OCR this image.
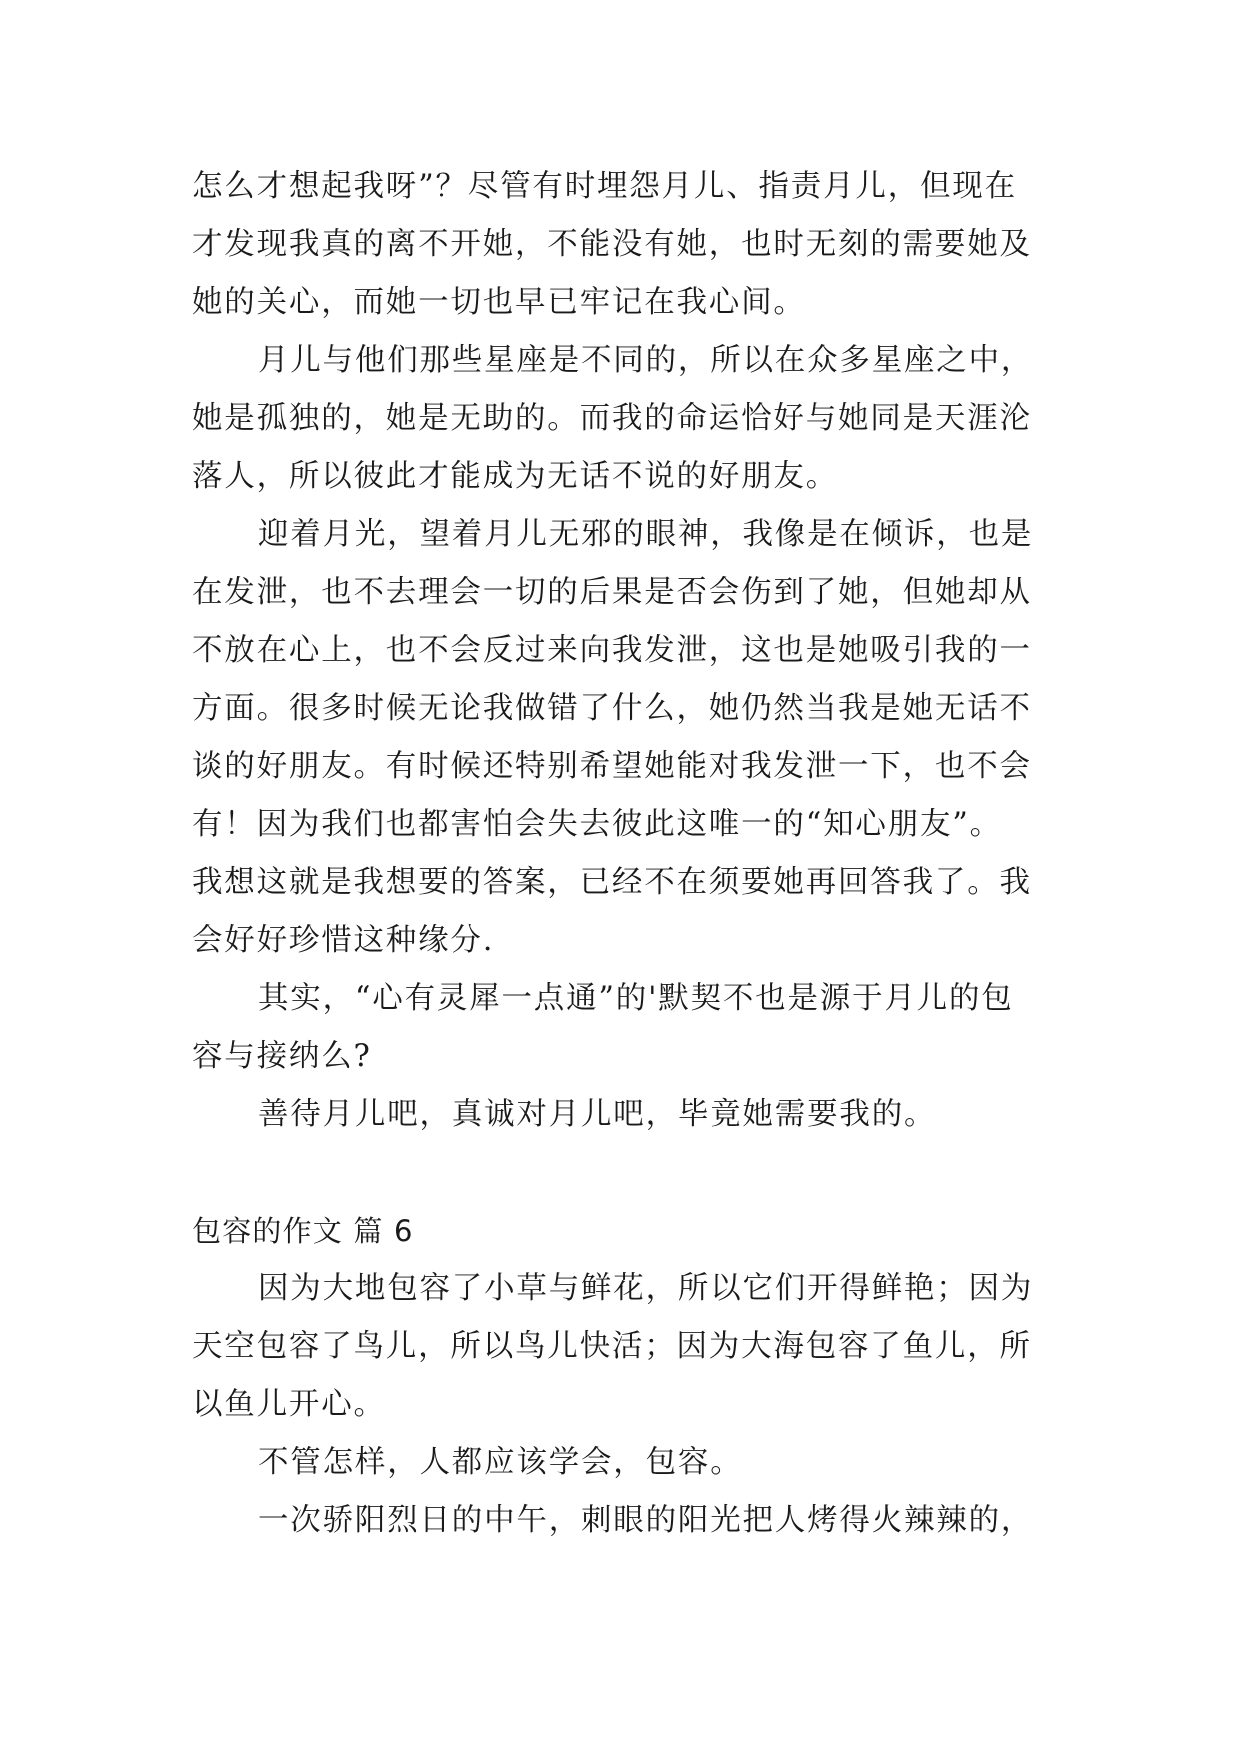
怎么才想起我呀”？尽管有时埋怨月儿、指责月儿，但现在
才发现我真的离不开她，不能没有她，也时无刻的需要她及
她的关心，而她一切也早已牢记在我心间。
月儿与他们那些星座是不同的，所以在众多星座之中，
她是孤独的，她是无助的。而我的命运恰好与她同是天涯沦
落人，所以彼此才能成为无话不说的好朋友。
迎着月光，望着月儿无邪的眼神，我像是在倾诉，也是
在发泄，也不去理会一切的后果是否会伤到了她，但她却从
不放在心上，也不会反过来向我发泄，这也是她吸引我的一
方面。很多时候无论我做错了什么，她仍然当我是她无话不
谈的好朋友。有时候还特别希望她能对我发泄一下，也不会
有！因为我们也都害怕会失去彼此这唯一的“知心朋友”。
我想这就是我想要的答案，已经不在须要她再回答我了。我
会好好珍惜这种缘分.
其实，“心有灵犀一点通”的'默契不也是源于月儿的包
容与接纳么?
善待月儿吧，真诚对月儿吧，毕竟她需要我的。
包容的作文 篇 6
因为大地包容了小草与鲜花，所以它们开得鲜艳；因为
天空包容了鸟儿，所以鸟儿快活；因为大海包容了鱼儿，所
以鱼儿开心。
不管怎样，人都应该学会，包容。
一次骄阳烈日的中午，刺眼的阳光把人烤得火辣辣的，
